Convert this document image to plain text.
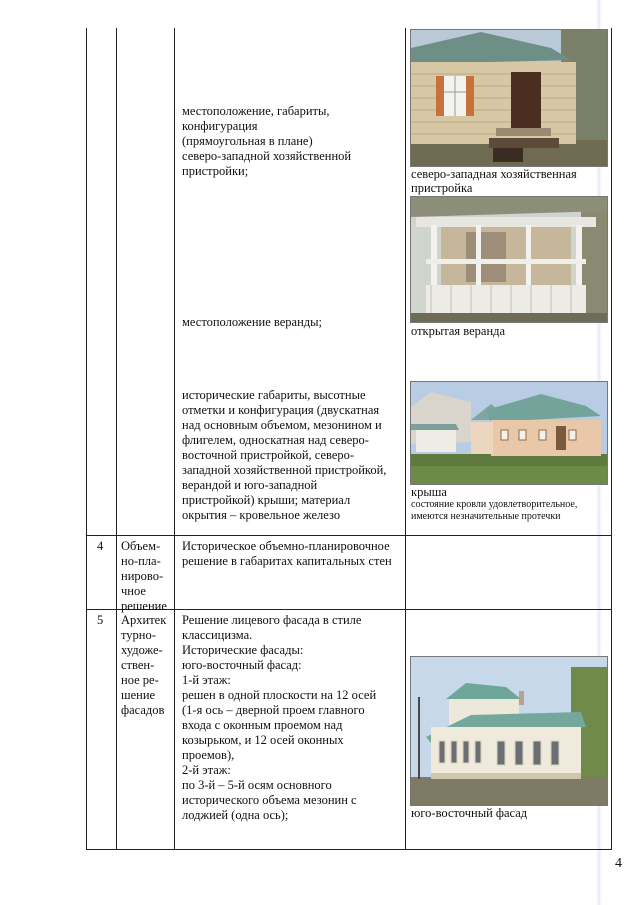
местоположение, габариты,
конфигурация
(прямоугольная в плане)
северо-западной хозяйственной
пристройки;
местоположение веранды;
исторические габариты, высотные
отметки и конфигурация (двускатная
над основным объемом, мезонином и
флигелем, односкатная над северо-
восточной пристройкой, северо-
западной хозяйственной пристройкой,
верандой и юго-западной
пристройкой) крыши; материал
окрытия – кровельное железо
северо-западная хозяйственная
пристройка
открытая веранда
крыша
состояние кровли удовлетворительное,
имеются незначительные протечки
4 Объем-
но-пла-
нирово-
чное
решение
Историческое объемно-планировочное
решение в габаритах капитальных стен
5 Архитек
турно-
художе-
ствен-
ное ре-
шение
фасадов
Решение лицевого фасада в стиле
классицизма.
Исторические фасады:
юго-восточный фасад:
1-й этаж:
решен в одной плоскости на 12 осей
(1-я ось – дверной проем главного
входа с оконным проемом над
козырьком, и 12 осей оконных
проемов),
2-й этаж:
по 3-й – 5-й осям основного
исторического объема мезонин с
лоджией (одна ось);	юго-восточный фасад
4
